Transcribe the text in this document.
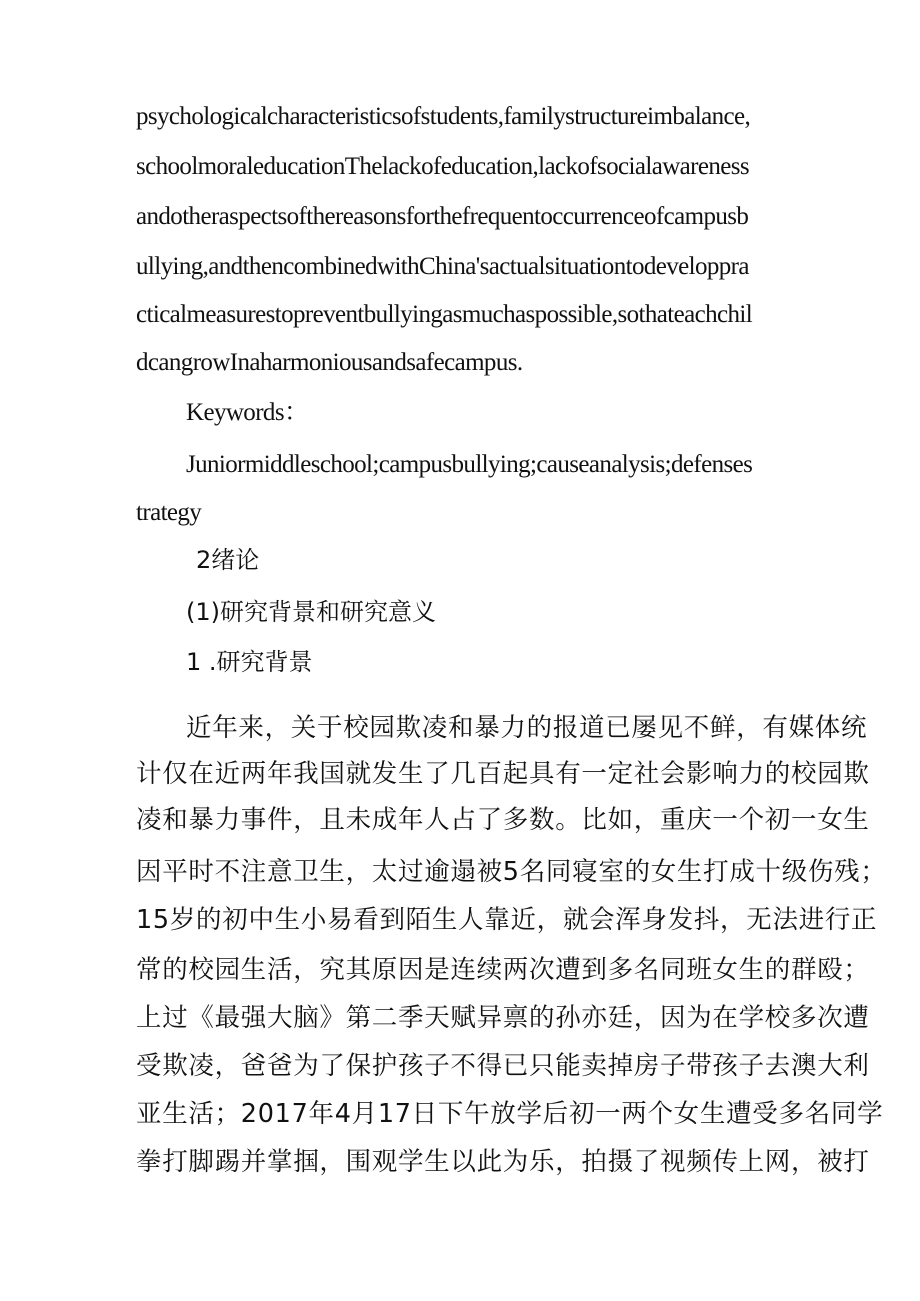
psychologicalcharacteristicsofstudents,familystructureimbalance,
schoolmoraleducationThelackofeducation,lackofsocialawareness
andotheraspectsofthereasonsforthefrequentoccurrenceofcampusb
ullying,andthencombinedwithChina'sactualsituationtodeveloppra
cticalmeasurestopreventbullyingasmuchaspossible,sothateachchil
dcangrowInaharmoniousandsafecampus.
Keywords：
Juniormiddleschool;campusbullying;causeanalysis;defenses
trategy
2绪论
(1)研究背景和研究意义
1 .研究背景
近年来，关于校园欺凌和暴力的报道已屡见不鲜，有媒体统
计仅在近两年我国就发生了几百起具有一定社会影响力的校园欺
凌和暴力事件，且未成年人占了多数。比如，重庆一个初一女生
因平时不注意卫生，太过逾遢被5名同寝室的女生打成十级伤残；
15岁的初中生小易看到陌生人靠近，就会浑身发抖，无法进行正
常的校园生活，究其原因是连续两次遭到多名同班女生的群殴；
上过《最强大脑》第二季天赋异禀的孙亦廷，因为在学校多次遭
受欺凌，爸爸为了保护孩子不得已只能卖掉房子带孩子去澳大利
亚生活；2017年4月17日下午放学后初一两个女生遭受多名同学
拳打脚踢并掌掴，围观学生以此为乐，拍摄了视频传上网，被打
